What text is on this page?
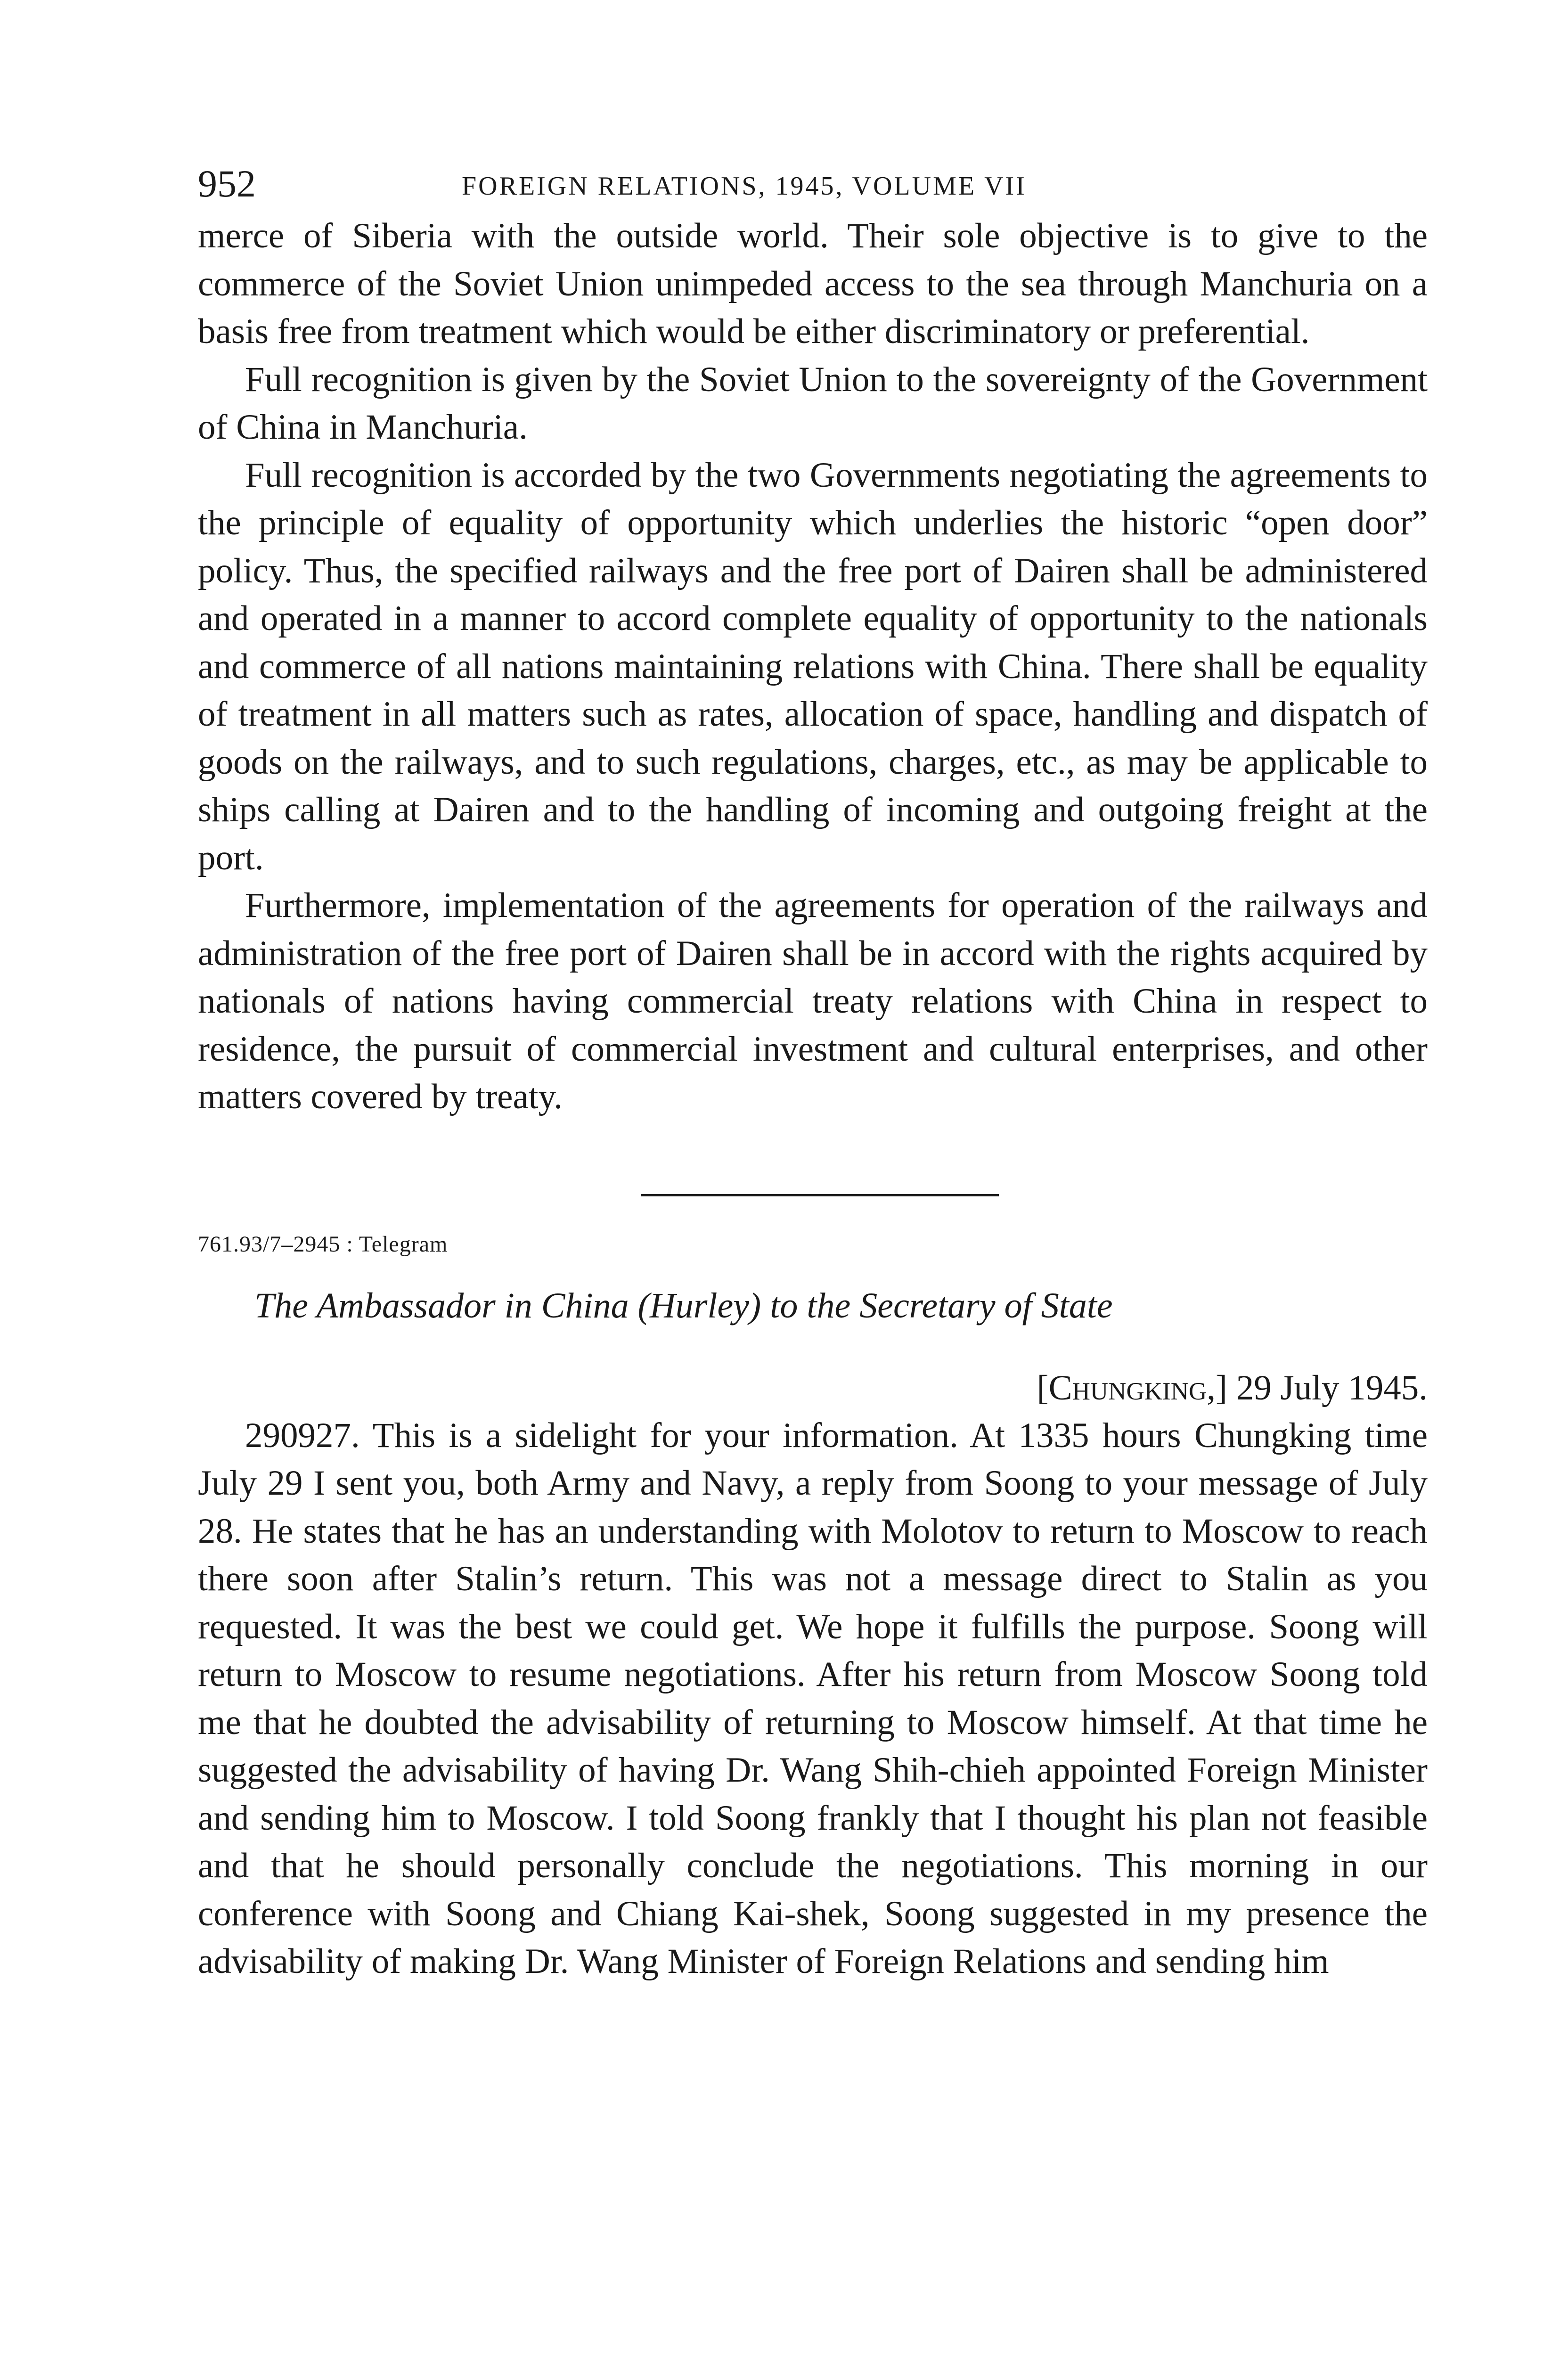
952	FOREIGN RELATIONS, 1945, VOLUME VII

merce of Siberia with the outside world. Their sole objective is to give to the commerce of the Soviet Union unimpeded access to the sea through Manchuria on a basis free from treatment which would be either discriminatory or preferential.

Full recognition is given by the Soviet Union to the sovereignty of the Government of China in Manchuria.

Full recognition is accorded by the two Governments negotiating the agreements to the principle of equality of opportunity which underlies the historic “open door” policy. Thus, the specified railways and the free port of Dairen shall be administered and operated in a manner to accord complete equality of opportunity to the nationals and commerce of all nations maintaining relations with China. There shall be equality of treatment in all matters such as rates, allocation of space, handling and dispatch of goods on the railways, and to such regulations, charges, etc., as may be applicable to ships calling at Dairen and to the handling of incoming and outgoing freight at the port.

Furthermore, implementation of the agreements for operation of the railways and administration of the free port of Dairen shall be in accord with the rights acquired by nationals of nations having commercial treaty relations with China in respect to residence, the pursuit of commercial investment and cultural enterprises, and other matters covered by treaty.

761.93/7–2945 : Telegram
The Ambassador in China (Hurley) to the Secretary of State
[Chungking,] 29 July 1945.

290927. This is a sidelight for your information. At 1335 hours Chungking time July 29 I sent you, both Army and Navy, a reply from Soong to your message of July 28. He states that he has an understanding with Molotov to return to Moscow to reach there soon after Stalin’s return. This was not a message direct to Stalin as you requested. It was the best we could get. We hope it fulfills the purpose. Soong will return to Moscow to resume negotiations. After his return from Moscow Soong told me that he doubted the advisability of returning to Moscow himself. At that time he suggested the advisability of having Dr. Wang Shih-chieh appointed Foreign Minister and sending him to Moscow. I told Soong frankly that I thought his plan not feasible and that he should personally conclude the negotiations. This morning in our conference with Soong and Chiang Kai-shek, Soong suggested in my presence the advisability of making Dr. Wang Minister of Foreign Relations and sending him
